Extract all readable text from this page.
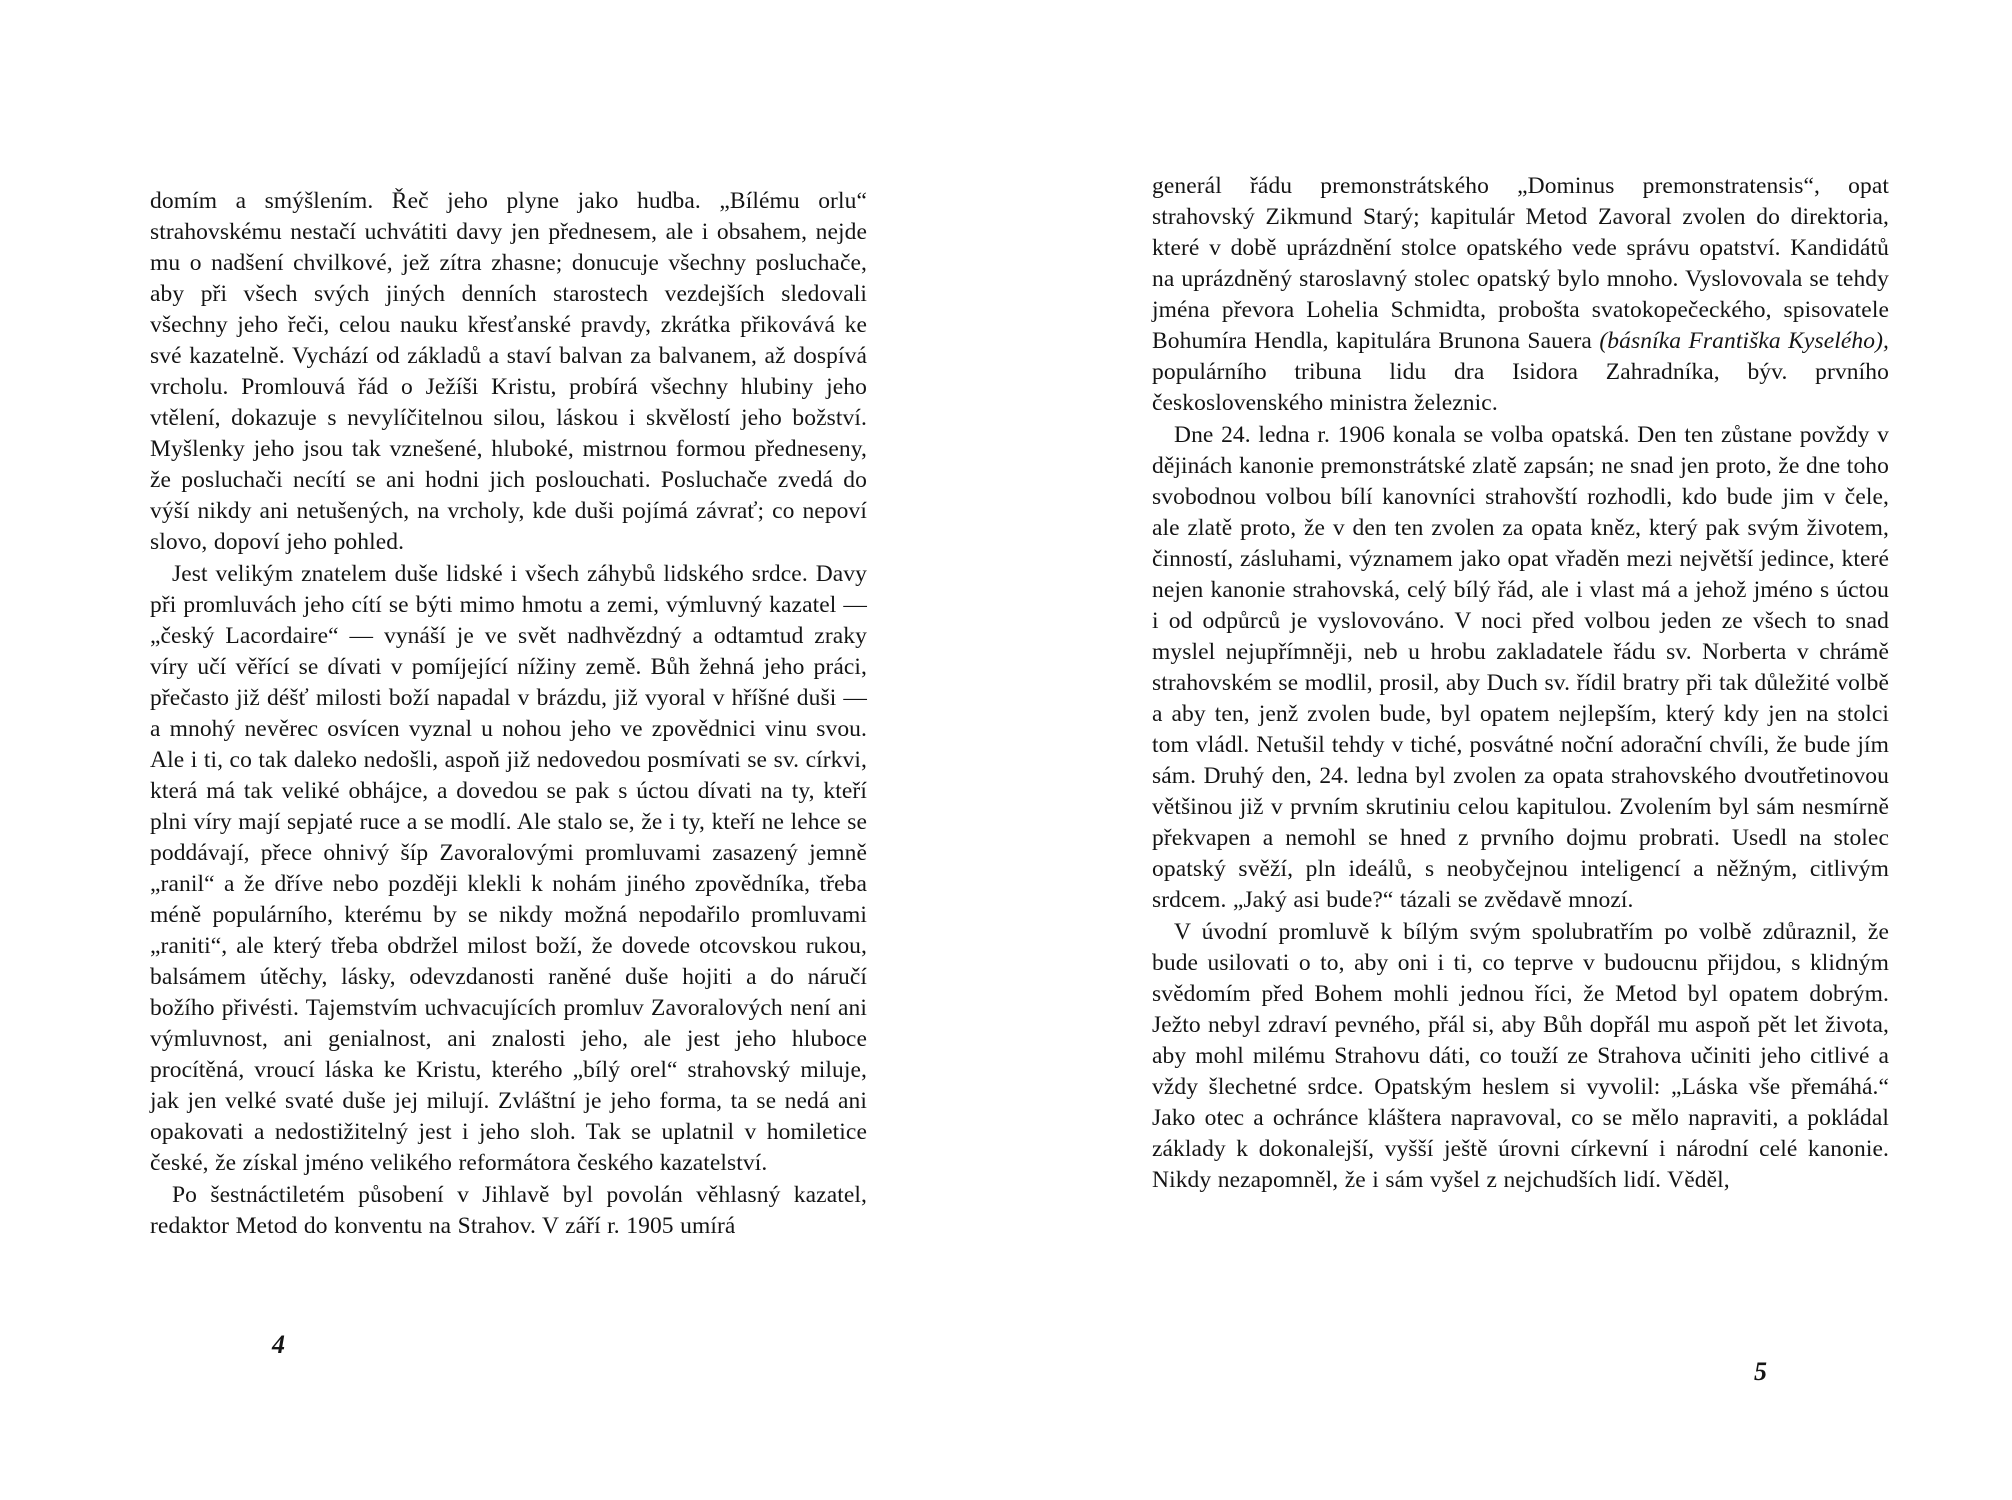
domím a smýšlením. Řeč jeho plyne jako hudba. „Bílému orlu“ strahovskému nestačí uchvátiti davy jen přednesem, ale i obsahem, nejde mu o nadšení chvilkové, jež zítra zhasne; donucuje všechny posluchače, aby při všech svých jiných denních starostech vezdejších sledovali všechny jeho řeči, celou nauku křesťanské pravdy, zkrátka přikovává ke své kazatelně. Vychází od základů a staví balvan za balvanem, až dospívá vrcholu. Promlouvá řád o Ježíši Kristu, probírá všechny hlubiny jeho vtělení, dokazuje s nevylíčitelnou silou, láskou i skvělostí jeho božství. Myšlenky jeho jsou tak vznešené, hluboké, mistrnou formou předneseny, že posluchači necítí se ani hodni jich poslouchati. Posluchače zvedá do výší nikdy ani netušených, na vrcholy, kde duši pojímá závrať; co nepoví slovo, dopoví jeho pohled.

Jest velikým znatelem duše lidské i všech záhybů lidského srdce. Davy při promluvách jeho cítí se býti mimo hmotu a zemi, výmluvný kazatel — „český Lacordaire“ — vynáší je ve svět nadhvězdný a odtamtud zraky víry učí věřící se dívati v pomíjející nížiny země. Bůh žehná jeho práci, přečasto již déšť milosti boží napadal v brázdu, již vyoral v hříšné duši — a mnohý nevěrec osvícen vyznal u nohou jeho ve zpovědnici vinu svou. Ale i ti, co tak daleko nedošli, aspoň již nedovedou posmívati se sv. církvi, která má tak veliké obhájce, a dovedou se pak s úctou dívati na ty, kteří plni víry mají sepjaté ruce a se modlí. Ale stalo se, že i ty, kteří ne lehce se poddávají, přece ohnivý šíp Zavoralovými promluvami zasazený jemně „ranil“ a že dříve nebo později klekli k nohám jiného zpovědníka, třeba méně populárního, kterému by se nikdy možná nepodařilo promluvami „raniti“, ale který třeba obdržel milost boží, že dovede otcovskou rukou, balsámem útěchy, lásky, odevzdanosti raněné duše hojiti a do náručí božího přivésti. Tajemstvím uchvacujících promluv Zavoralových není ani výmluvnost, ani genialnost, ani znalosti jeho, ale jest jeho hluboce procítěná, vroucí láska ke Kristu, kterého „bílý orel“ strahovský miluje, jak jen velké svaté duše jej milují. Zvláštní je jeho forma, ta se nedá ani opakovati a nedostižitelný jest i jeho sloh. Tak se uplatnil v homiletice české, že získal jméno velikého reformátora českého kazatelství.

Po šestnáctiletém působení v Jihlavě byl povolán věhlasný kazatel, redaktor Metod do konventu na Strahov. V září r. 1905 umírá

4

generál řádu premonstrátského „Dominus premonstratensis“, opat strahovský Zikmund Starý; kapitulár Metod Zavoral zvolen do direktoria, které v době uprázdnění stolce opatského vede správu opatství. Kandidátů na uprázdněný staroslavný stolec opatský bylo mnoho. Vyslovovala se tehdy jména převora Lohelia Schmidta, proboštа svatokopečeckého, spisovatele Bohumíra Hendla, kapitulára Brunona Sauera (básníka Františka Kyselého), populárního tribuna lidu dra Isidora Zahradníka, býv. prvního československého ministra železnic.

Dne 24. ledna r. 1906 konala se volba opatská. Den ten zůstane povždy v dějinách kanonie premonstrátské zlatě zapsán; ne snad jen proto, že dne toho svobodnou volbou bílí kanovníci strahovští rozhodli, kdo bude jim v čele, ale zlatě proto, že v den ten zvolen za opata kněz, který pak svým životem, činností, zásluhami, významem jako opat vřaděn mezi největší jedince, které nejen kanonie strahovská, celý bílý řád, ale i vlast má a jehož jméno s úctou i od odpůrců je vyslovováno. V noci před volbou jeden ze všech to snad myslel nejupřímněji, neb u hrobu zakladatele řádu sv. Norberta v chrámě strahovském se modlil, prosil, aby Duch sv. řídil bratry při tak důležité volbě a aby ten, jenž zvolen bude, byl opatem nejlepším, který kdy jen na stolci tom vládl. Netušil tehdy v tiché, posvátné noční adorační chvíli, že bude jím sám. Druhý den, 24. ledna byl zvolen za opata strahovského dvoutřetinovou většinou již v prvním skrutiniu celou kapitulou. Zvolením byl sám nesmírně překvapen a nemohl se hned z prvního dojmu probrati. Usedl na stolec opatský svěží, pln ideálů, s neobyčejnou inteligencí a něžným, citlivým srdcem. „Jaký asi bude?“ tázali se zvědavě mnozí.

V úvodní promluvě k bílým svým spolubratřím po volbě zdůraznil, že bude usilovati o to, aby oni i ti, co teprve v budoucnu přijdou, s klidným svědomím před Bohem mohli jednou říci, že Metod byl opatem dobrým. Ježto nebyl zdraví pevného, přál si, aby Bůh dopřál mu aspoň pět let života, aby mohl milému Strahovu dáti, co touží ze Strahova učiniti jeho citlivé a vždy šlechetné srdce. Opatským heslem si vyvolil: „Láska vše přemáhá.“ Jako otec a ochránce kláštera napravoval, co se mělo napraviti, a pokládal základy k dokonalejší, vyšší ještě úrovni církevní i národní celé kanonie. Nikdy nezapomněl, že i sám vyšel z nejchudších lidí. Věděl,

5
